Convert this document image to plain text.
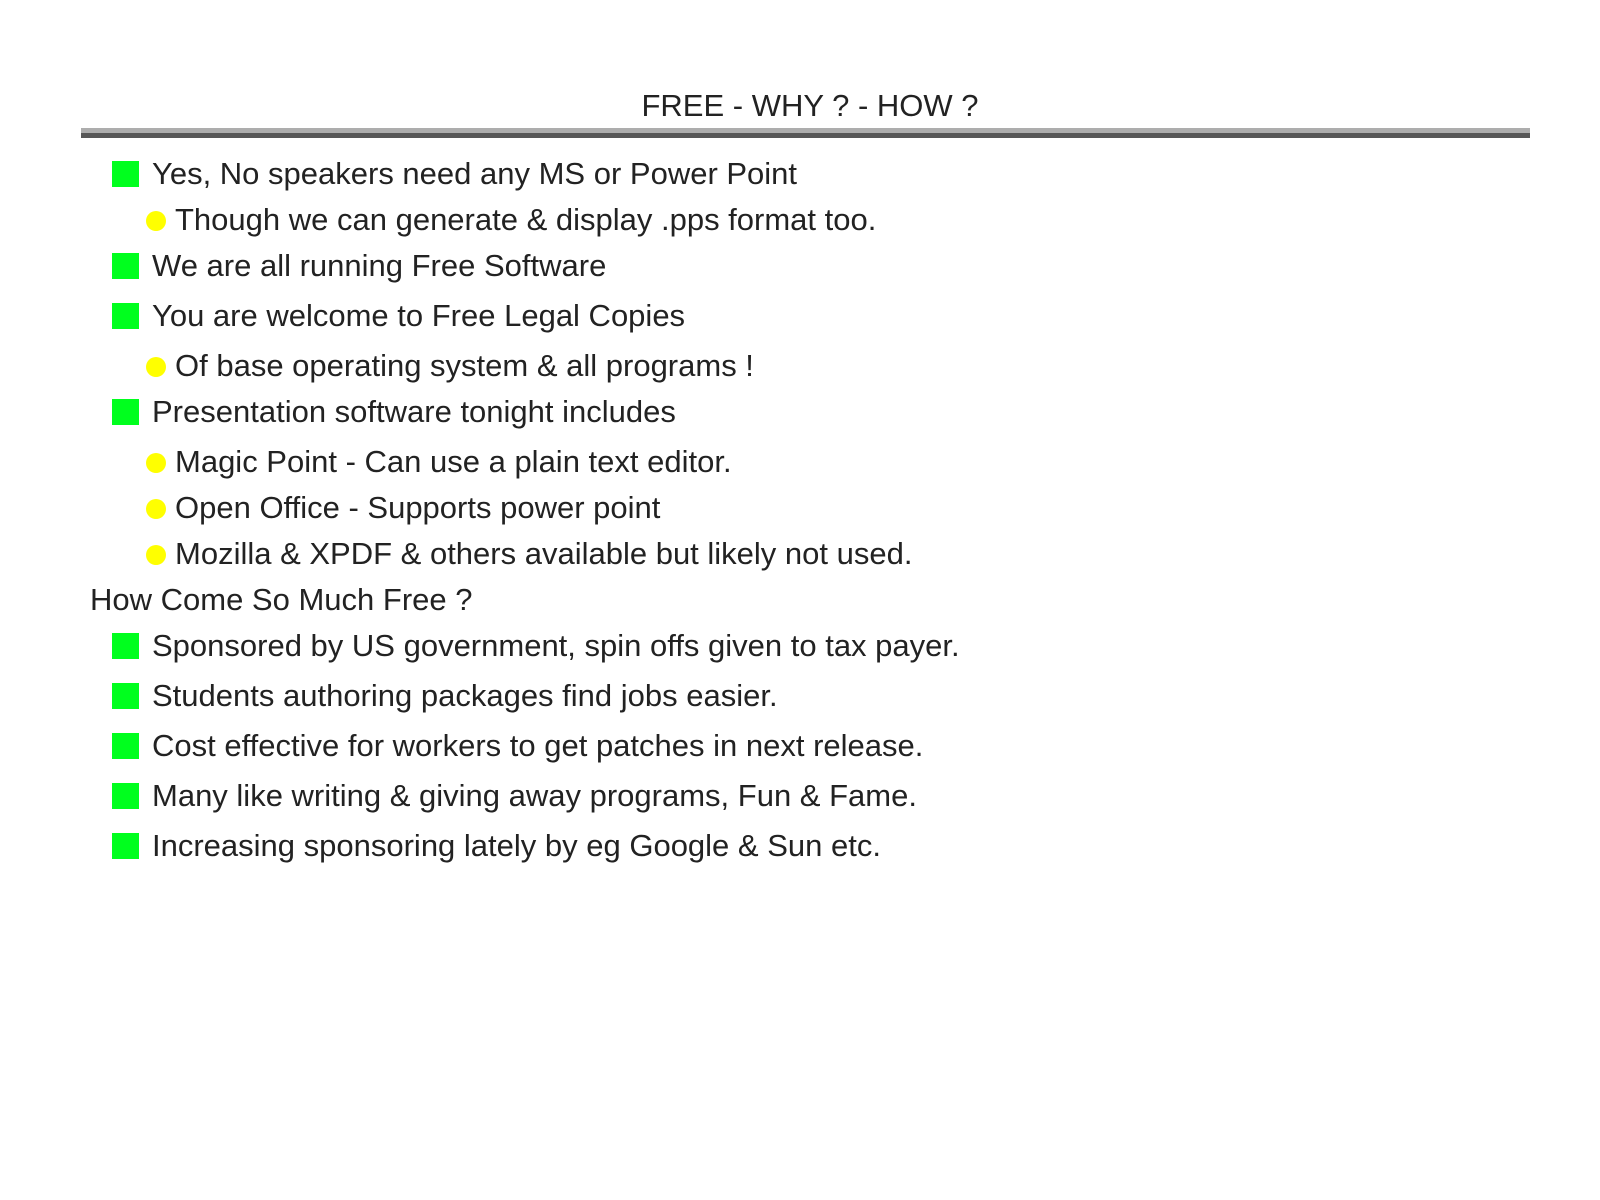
FREE - WHY ? - HOW ?
Yes, No speakers need any MS or Power Point
Though we can generate & display .pps format too.
We are all running Free Software
You are welcome to Free Legal Copies
Of base operating system & all programs !
Presentation software tonight includes
Magic Point - Can use a plain text editor.
Open Office - Supports power point
Mozilla & XPDF & others available but likely not used.
How Come So Much Free ?
Sponsored by US government, spin offs given to tax payer.
Students authoring packages find jobs easier.
Cost effective for workers to get patches in next release.
Many like writing & giving away programs, Fun & Fame.
Increasing sponsoring lately by eg Google & Sun etc.
